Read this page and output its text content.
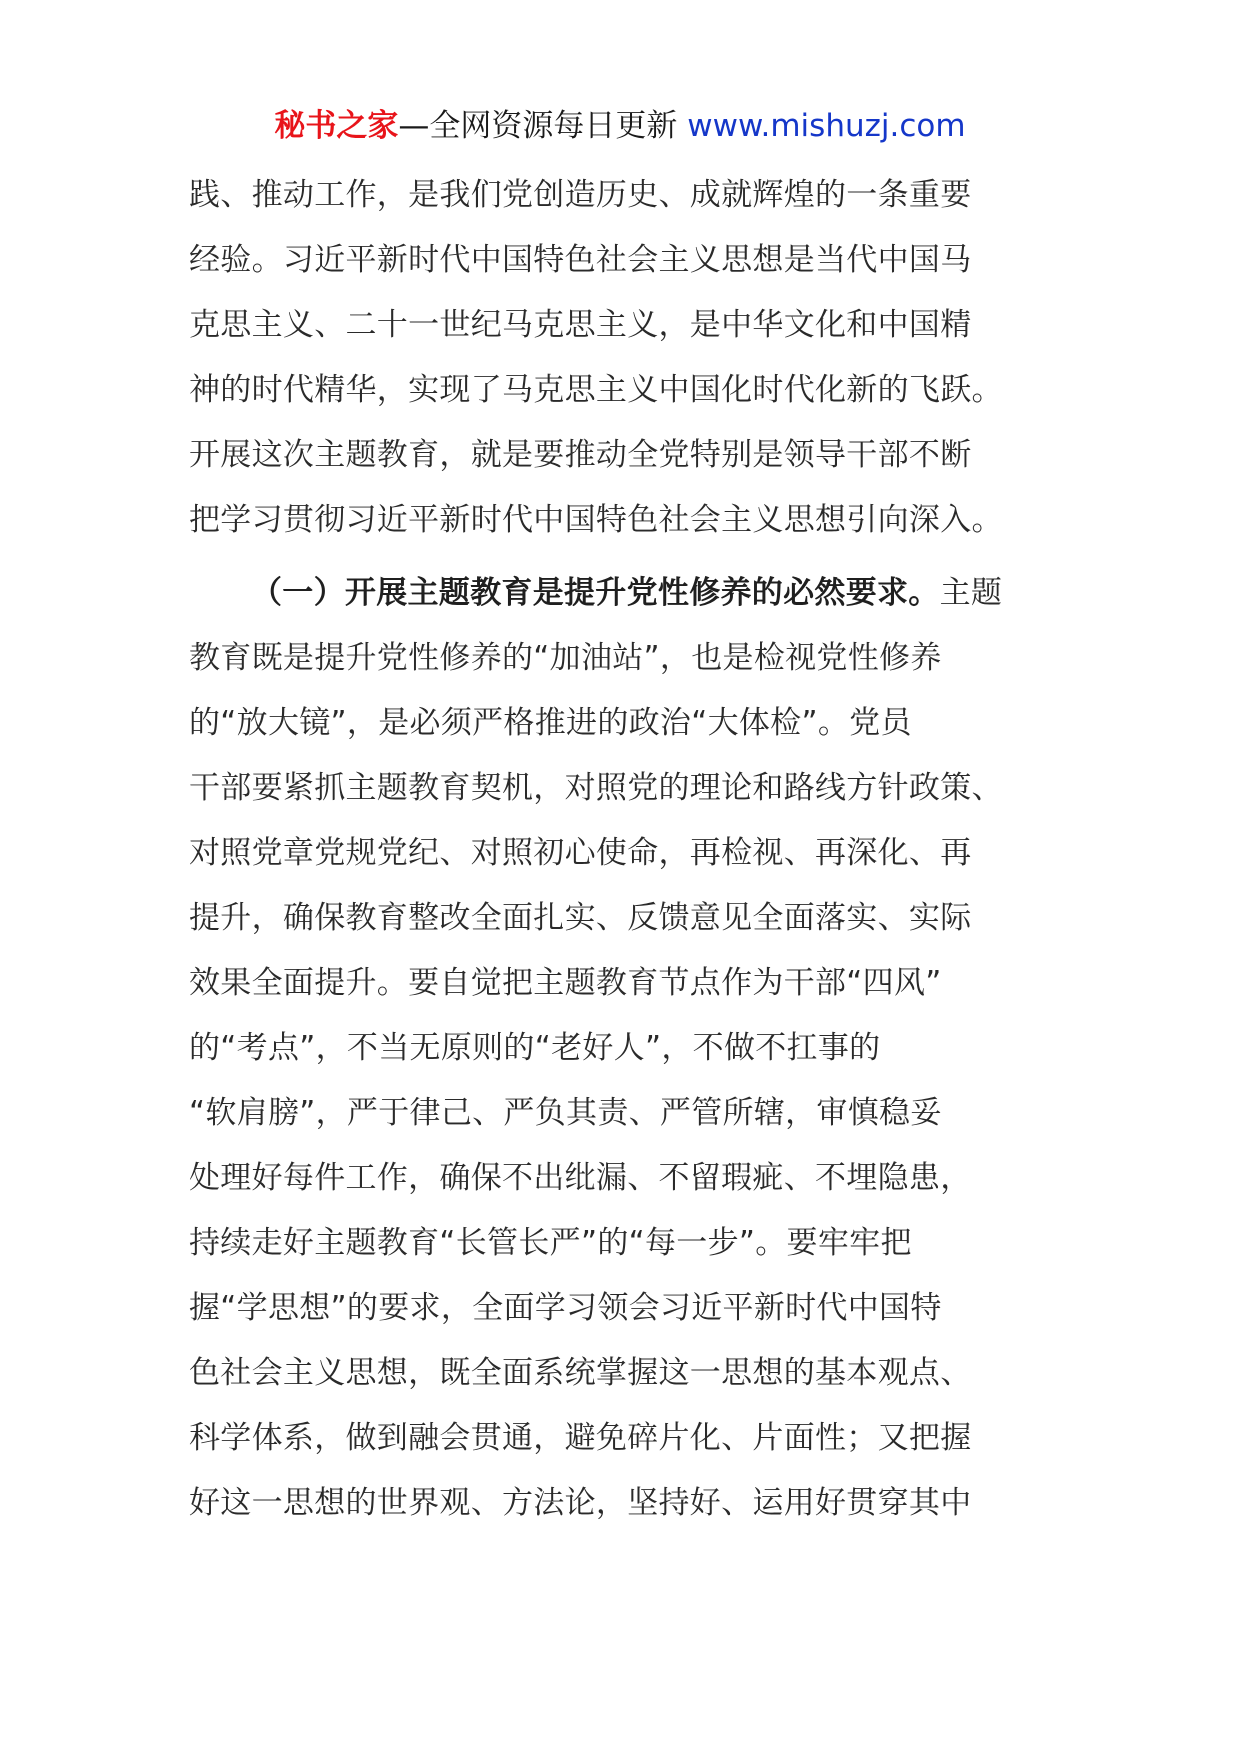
秘书之家—全网资源每日更新 www.mishuzj.com
践、推动工作，是我们党创造历史、成就辉煌的一条重要
经验。习近平新时代中国特色社会主义思想是当代中国马
克思主义、二十一世纪马克思主义，是中华文化和中国精
神的时代精华，实现了马克思主义中国化时代化新的飞跃。
开展这次主题教育，就是要推动全党特别是领导干部不断
把学习贯彻习近平新时代中国特色社会主义思想引向深入。
（一）开展主题教育是提升党性修养的必然要求。主题
教育既是提升党性修养的“加油站”，也是检视党性修养
的“放大镜”，是必须严格推进的政治“大体检”。党员
干部要紧抓主题教育契机，对照党的理论和路线方针政策、
对照党章党规党纪、对照初心使命，再检视、再深化、再
提升，确保教育整改全面扎实、反馈意见全面落实、实际
效果全面提升。要自觉把主题教育节点作为干部“四风”
的“考点”，不当无原则的“老好人”，不做不扛事的
“软肩膀”，严于律己、严负其责、严管所辖，审慎稳妥
处理好每件工作，确保不出纰漏、不留瑕疵、不埋隐患，
持续走好主题教育“长管长严”的“每一步”。要牢牢把
握“学思想”的要求，全面学习领会习近平新时代中国特
色社会主义思想，既全面系统掌握这一思想的基本观点、
科学体系，做到融会贯通，避免碎片化、片面性；又把握
好这一思想的世界观、方法论，坚持好、运用好贯穿其中
